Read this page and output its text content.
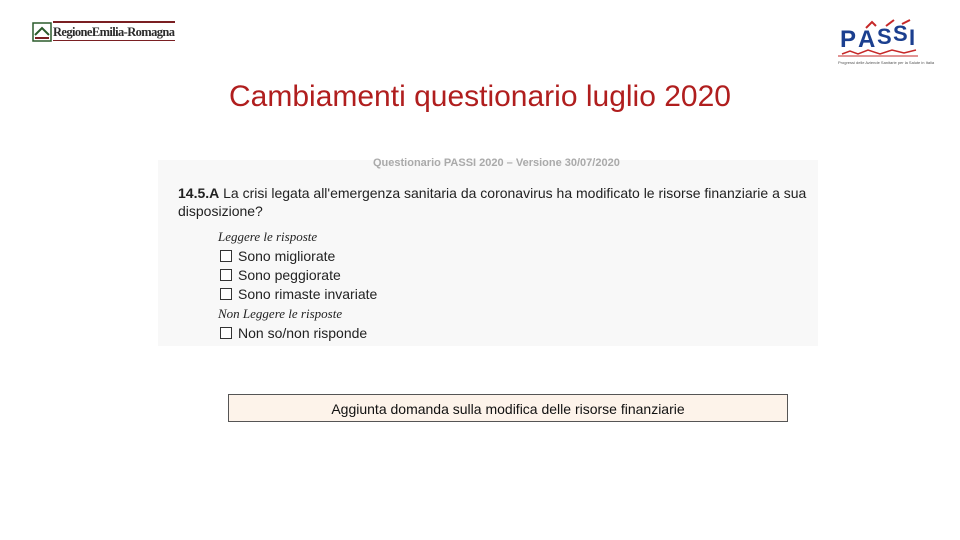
RegioneEmilia-Romagna	P A S S I
Progressi delle Aziende Sanitarie per la Salute in Italia
Cambiamenti questionario luglio 2020
Questionario PASSI 2020 – Versione 30/07/2020
14.5.A La crisi legata all'emergenza sanitaria da coronavirus ha modificato le risorse finanziarie a sua disposizione?
Leggere le risposte
Sono migliorate
Sono peggiorate
Sono rimaste invariate
Non Leggere le risposte
Non so/non risponde
Aggiunta domanda sulla modifica delle risorse finanziarie
